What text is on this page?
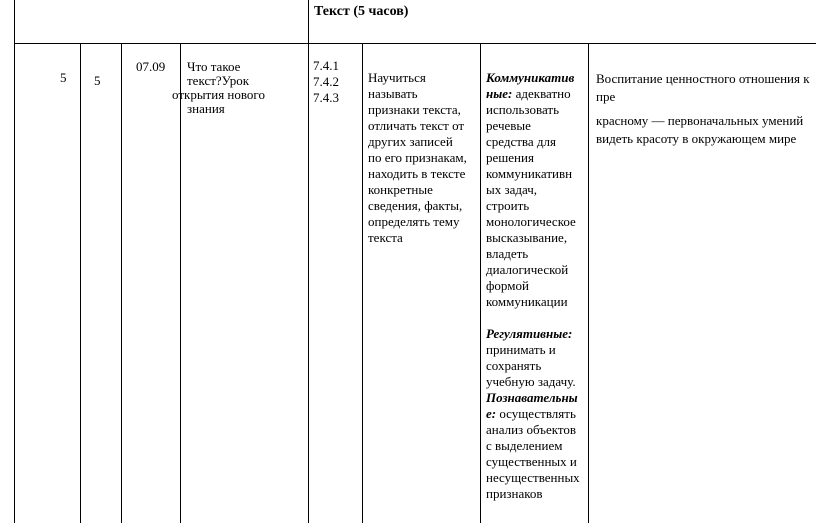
Текст (5 часов)
5 5
07.09	Что такое
текст?Урок
открытия нового
знания
7.4.1
7.4.2
7.4.3
Научиться
называть
признаки текста,
отличать текст от
других записей
по его признакам,
находить в тексте
конкретные
сведения, факты,
определять тему
текста
Коммуникатив
ные: адекватно
использовать
речевые
средства для
решения
коммуникативн
ых задач,
строить
монологическое
высказывание,
владеть
диалогической
формой
коммуникации
Регулятивные:
принимать и
сохранять
учебную задачу.
Познавательны
е: осуществлять
анализ объектов
с выделением
существенных и
несущественных
признаков
Воспитание ценностного отношения к
пре
красному — первоначальных умений
видеть красоту в окружающем мире
